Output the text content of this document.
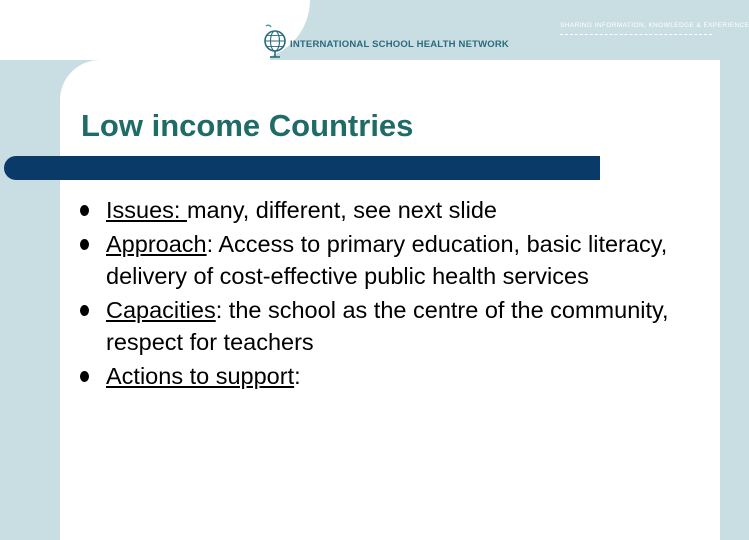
INTERNATIONAL SCHOOL HEALTH NETWORK
SHARING INFORMATION, KNOWLEDGE & EXPERIENCE
Low income Countries
Issues: many, different, see next slide
Approach: Access to primary education, basic literacy, delivery of cost-effective public health services
Capacities: the school as the centre of the community, respect for teachers
Actions to support:
